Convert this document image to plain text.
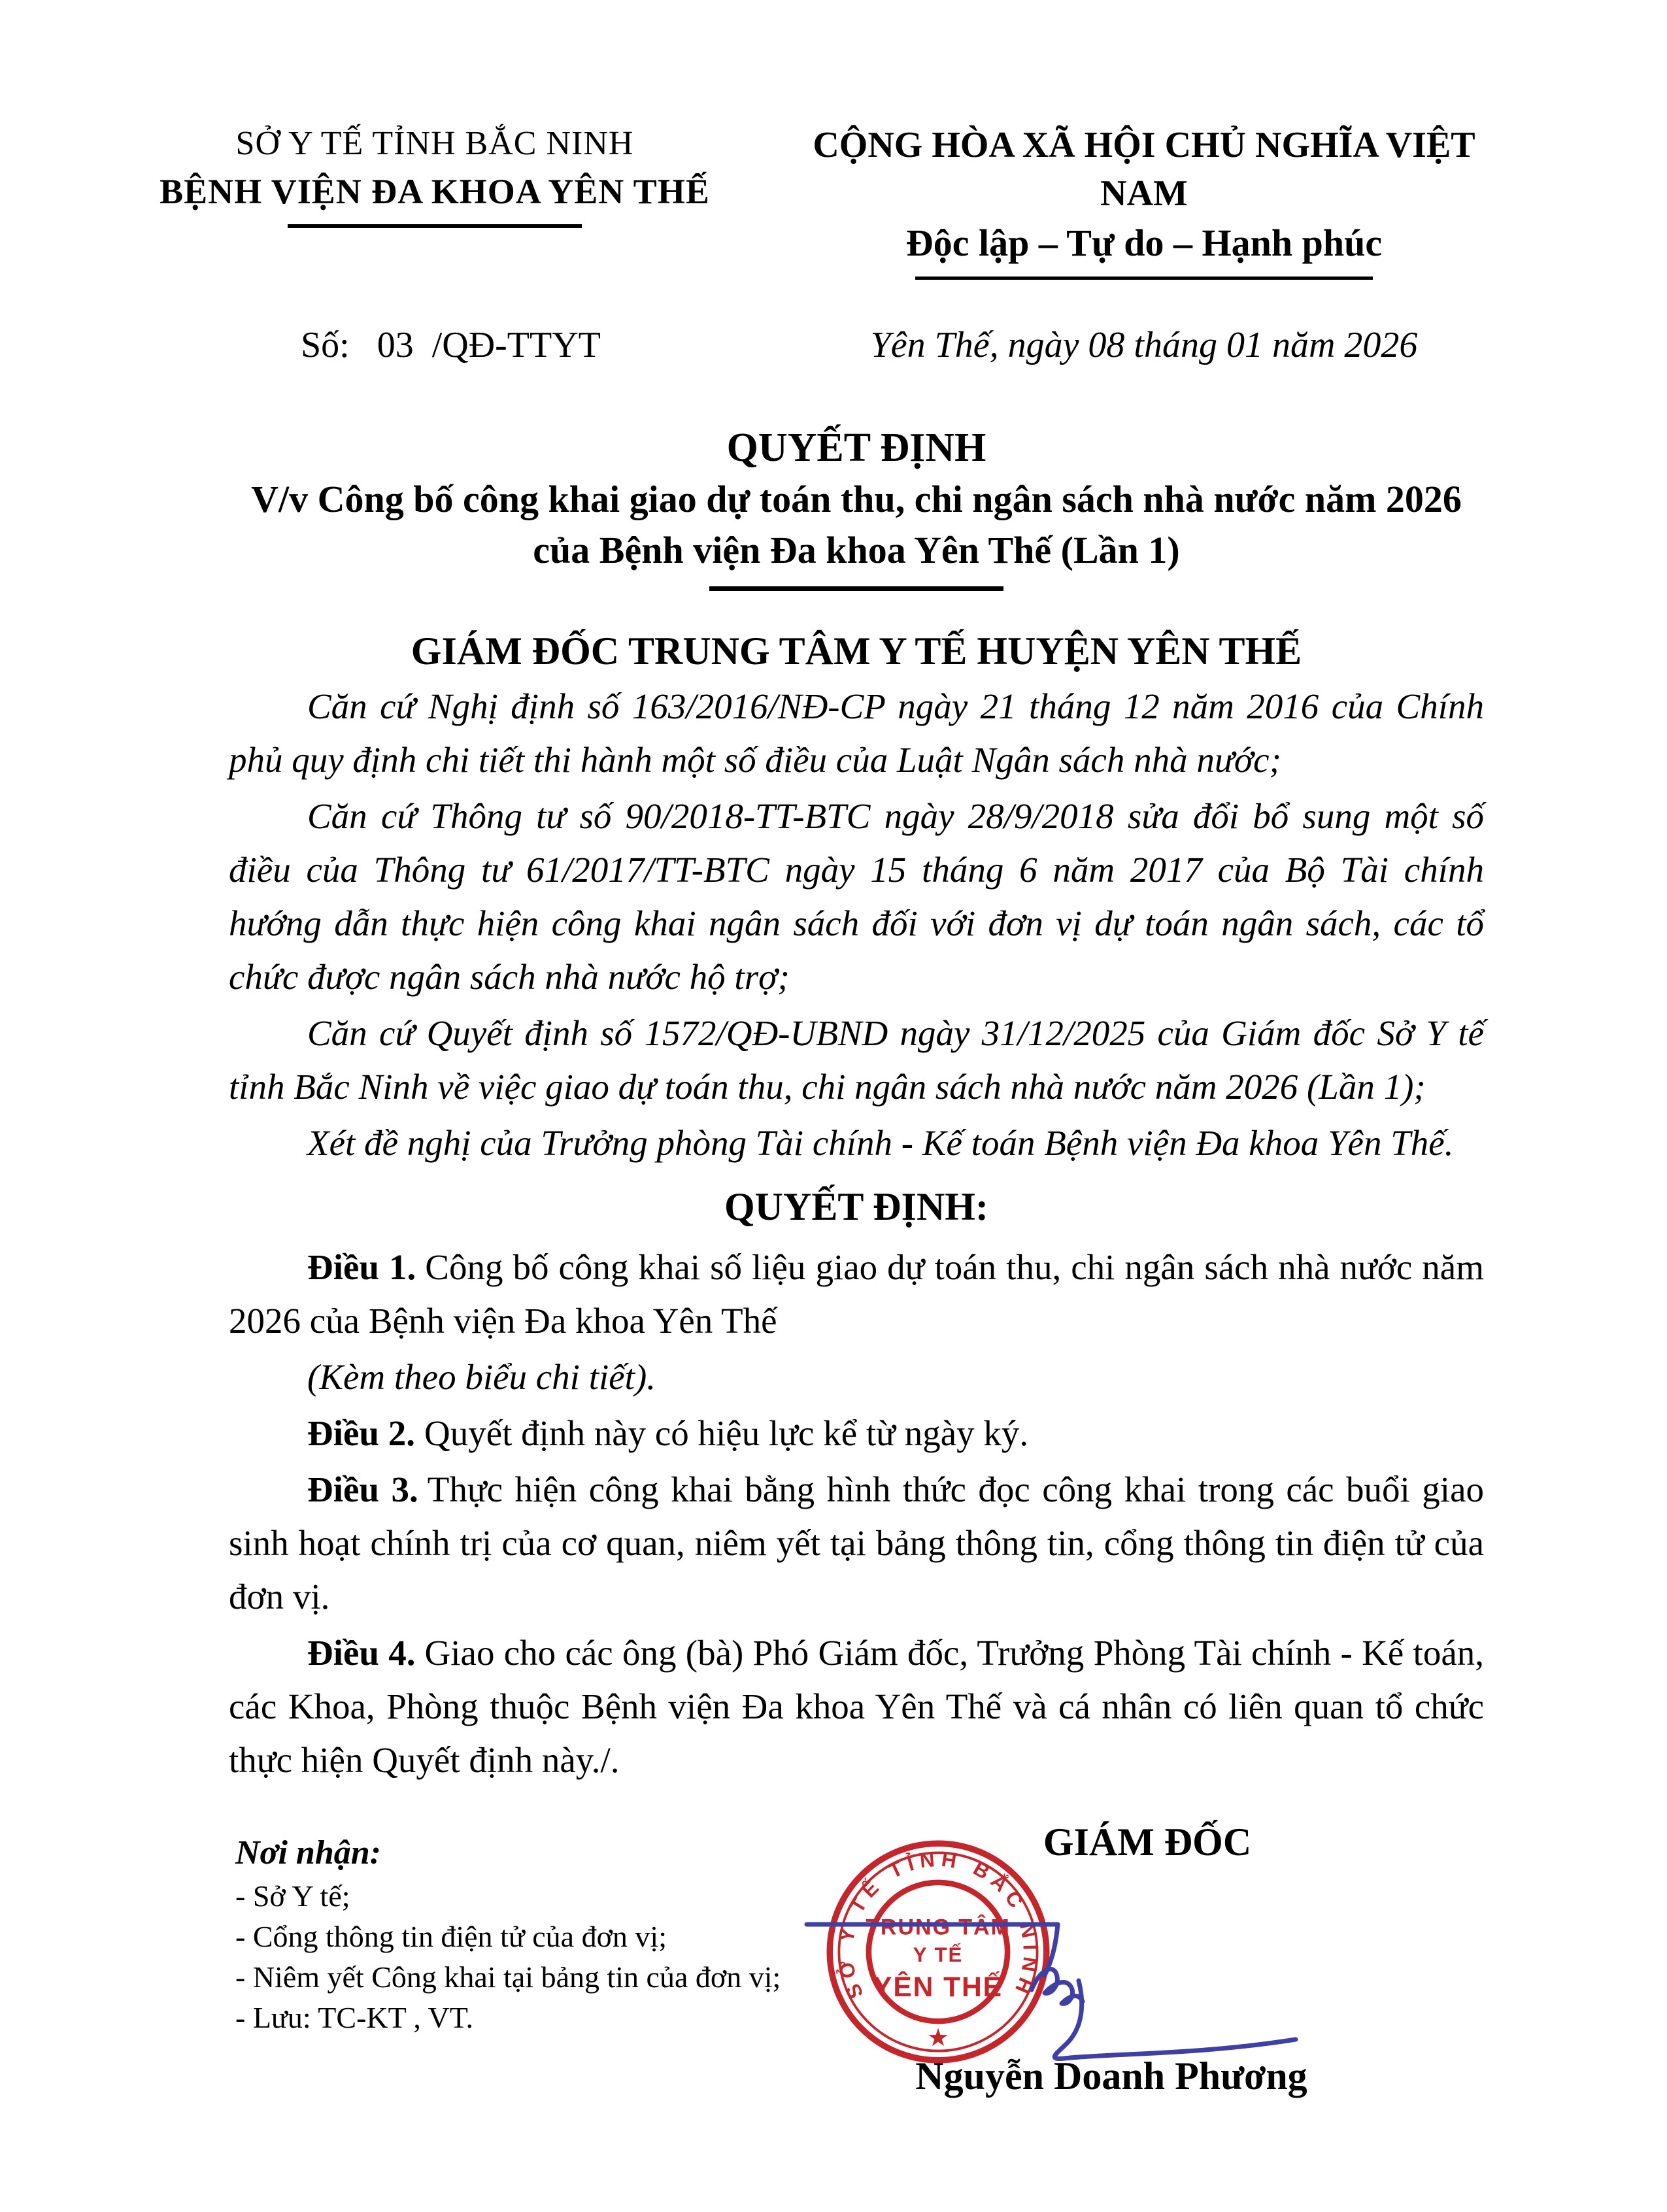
SỞ Y TẾ TỈNH BẮC NINH
BỆNH VIỆN ĐA KHOA YÊN THẾ
CỘNG HÒA XÃ HỘI CHỦ NGHĨA VIỆT NAM
Độc lập – Tự do – Hạnh phúc
Số:   03  /QĐ-TTYT	Yên Thế, ngày 08 tháng 01 năm 2026
QUYẾT ĐỊNH
V/v Công bố công khai giao dự toán thu, chi ngân sách nhà nước năm 2026
của Bệnh viện Đa khoa Yên Thế (Lần 1)
GIÁM ĐỐC TRUNG TÂM Y TẾ HUYỆN YÊN THẾ

Căn cứ Nghị định số 163/2016/NĐ-CP ngày 21 tháng 12 năm 2016 của Chính phủ quy định chi tiết thi hành một số điều của Luật Ngân sách nhà nước;

Căn cứ Thông tư số 90/2018-TT-BTC ngày 28/9/2018 sửa đổi bổ sung một số điều của Thông tư 61/2017/TT-BTC ngày 15 tháng 6 năm 2017 của Bộ Tài chính hướng dẫn thực hiện công khai ngân sách đối với đơn vị dự toán ngân sách, các tổ chức được ngân sách nhà nước hộ trợ;

Căn cứ Quyết định số 1572/QĐ-UBND ngày 31/12/2025 của Giám đốc Sở Y tế tỉnh Bắc Ninh về việc giao dự toán thu, chi ngân sách nhà nước năm 2026 (Lần 1);

Xét đề nghị của Trưởng phòng Tài chính - Kế toán Bệnh viện Đa khoa Yên Thế.

QUYẾT ĐỊNH:

Điều 1. Công bố công khai số liệu giao dự toán thu, chi ngân sách nhà nước năm 2026 của Bệnh viện Đa khoa Yên Thế

(Kèm theo biểu chi tiết).

Điều 2. Quyết định này có hiệu lực kể từ ngày ký.

Điều 3. Thực hiện công khai bằng hình thức đọc công khai trong các buổi giao sinh hoạt chính trị của cơ quan, niêm yết tại bảng thông tin, cổng thông tin điện tử của đơn vị.

Điều 4. Giao cho các ông (bà) Phó Giám đốc, Trưởng Phòng Tài chính - Kế toán, các Khoa, Phòng thuộc Bệnh viện Đa khoa Yên Thế và cá nhân có liên quan tổ chức thực hiện Quyết định này./.

Nơi nhận:
- Sở Y tế;
- Cổng thông tin điện tử của đơn vị;
- Niêm yết Công khai tại bảng tin của đơn vị;
- Lưu: TC-KT , VT.
GIÁM ĐỐC
SỞ Y TẾ TỈNH BẮC NINH
★
TRUNG TÂM
Y TẾ
YÊN THẾ
Nguyễn Doanh Phương
